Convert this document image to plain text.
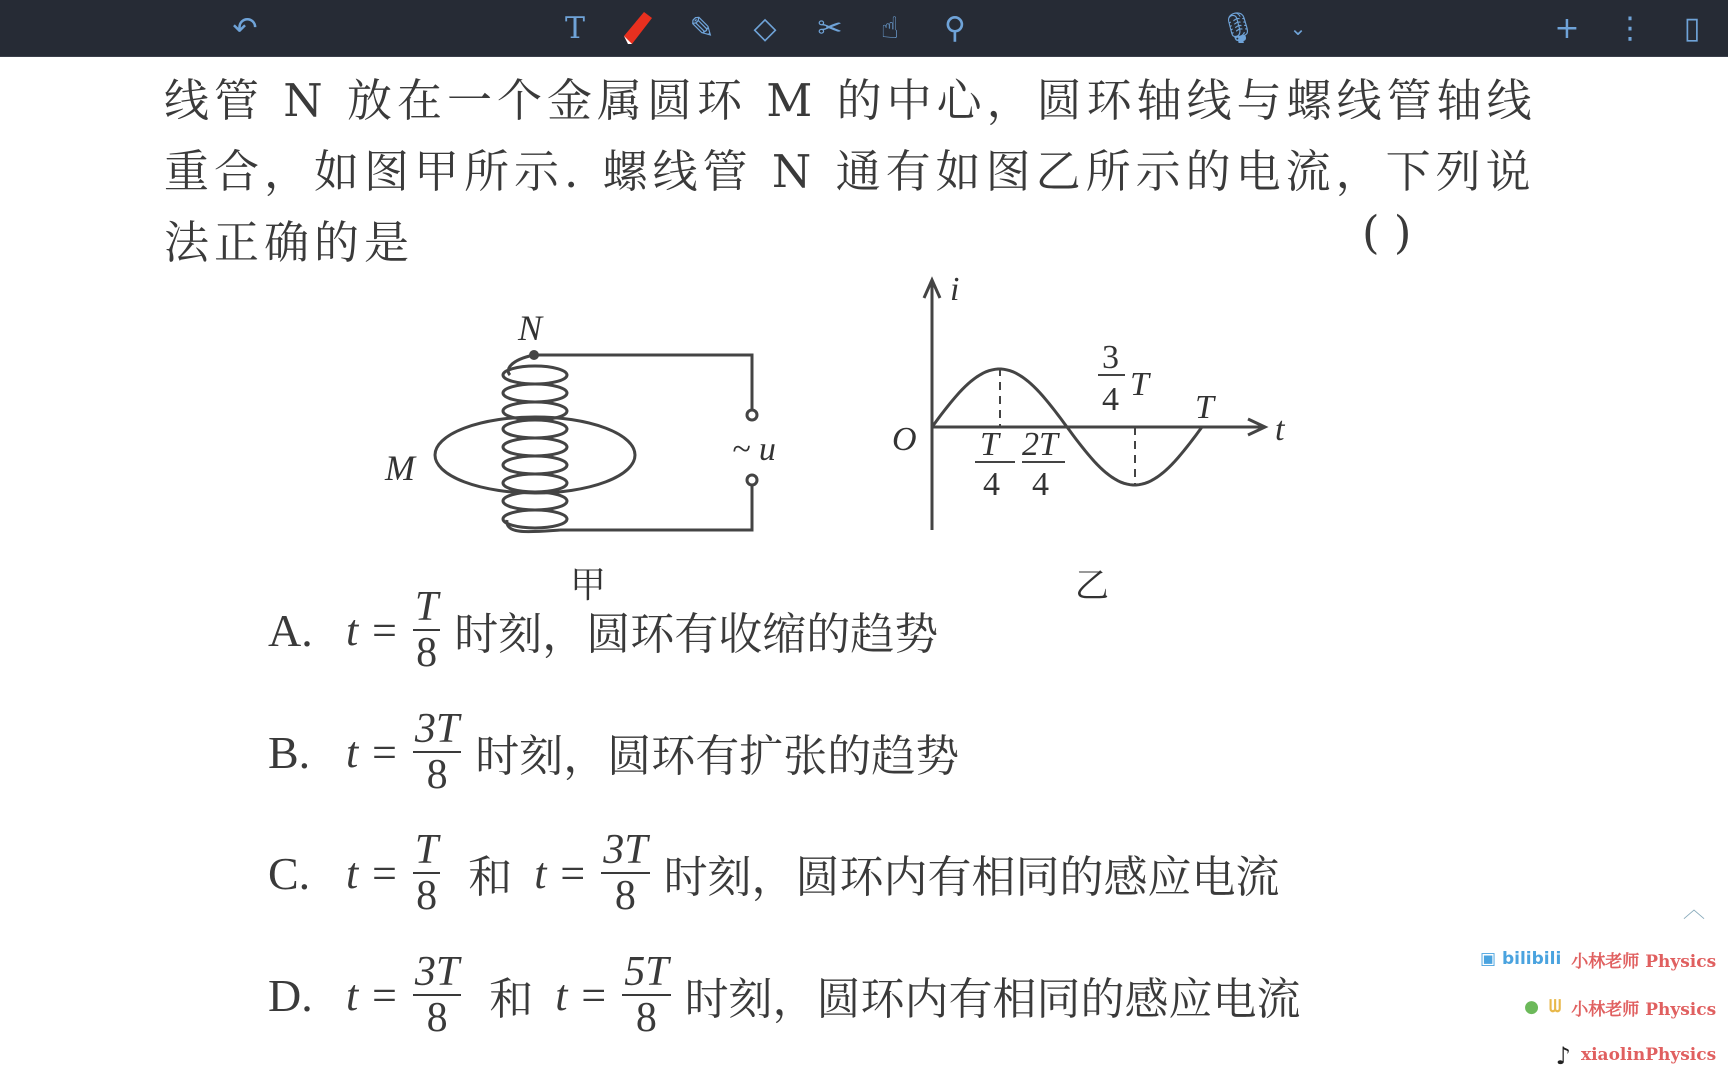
↶	T	✎ ◇ ✂	☝	⚲	🎙	⌄	+ ⋮	▯
线管 N 放在一个金属圆环 M 的中心，圆环轴线与螺线管轴线
重合，如图甲所示. 螺线管 N 通有如图乙所示的电流，下列说
法正确的是	( )
N
M	~ u
甲
i
t
O T
4
2T
4
3
4 T
T
乙
A. $t = \frac{T}{8}$ 时刻，圆环有收缩的趋势
B. $t = \frac{3T}{8}$ 时刻，圆环有扩张的趋势
C. $t = \frac{T}{8}$ 和 $t = \frac{3T}{8}$ 时刻，圆环内有相同的感应电流
D. $t = \frac{3T}{8}$ 和 $t = \frac{5T}{8}$ 时刻，圆环内有相同的感应电流
▣ bilibili 小林老师 Physics
● ᗯ 小林老师 Physics
♪ xiaolinPhysics
︿
